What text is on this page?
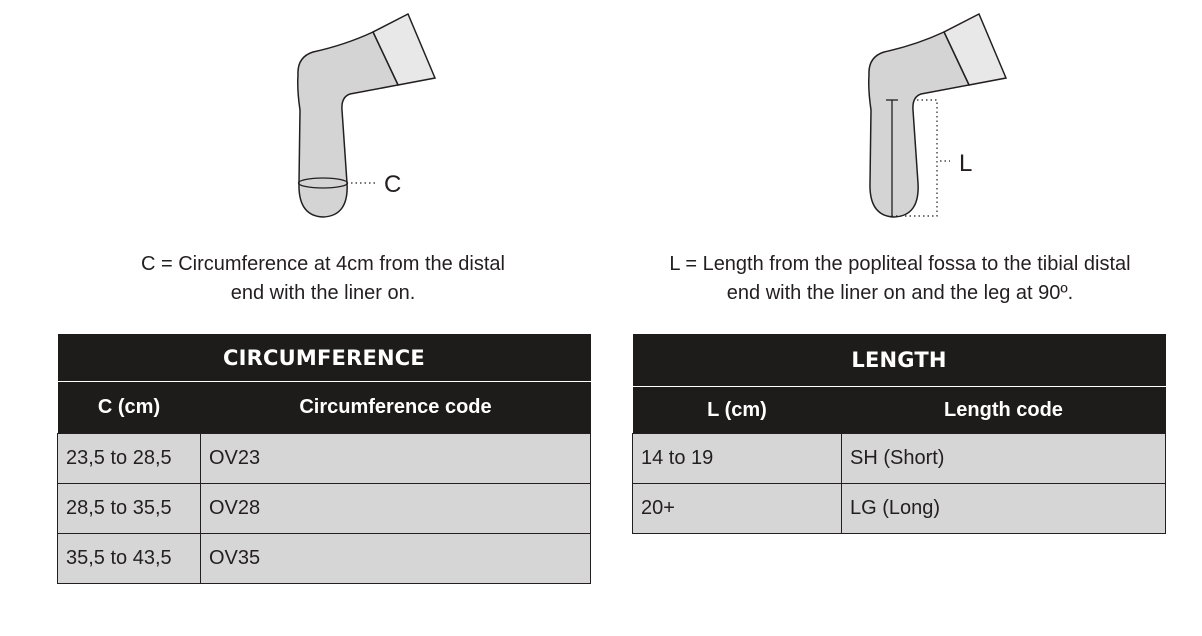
C
L
C = Circumference at 4cm from the distal
end with the liner on.
L = Length from the popliteal fossa to the tibial distal
end with the liner on and the leg at 90º.
CIRCUMFERENCE	
C (cm)	Circumference code
23,5 to 28,5	OV23
28,5 to 35,5	OV28
35,5 to 43,5	OV35
LENGTH	
L (cm)	Length code
14 to 19	SH (Short)
20+	LG (Long)
